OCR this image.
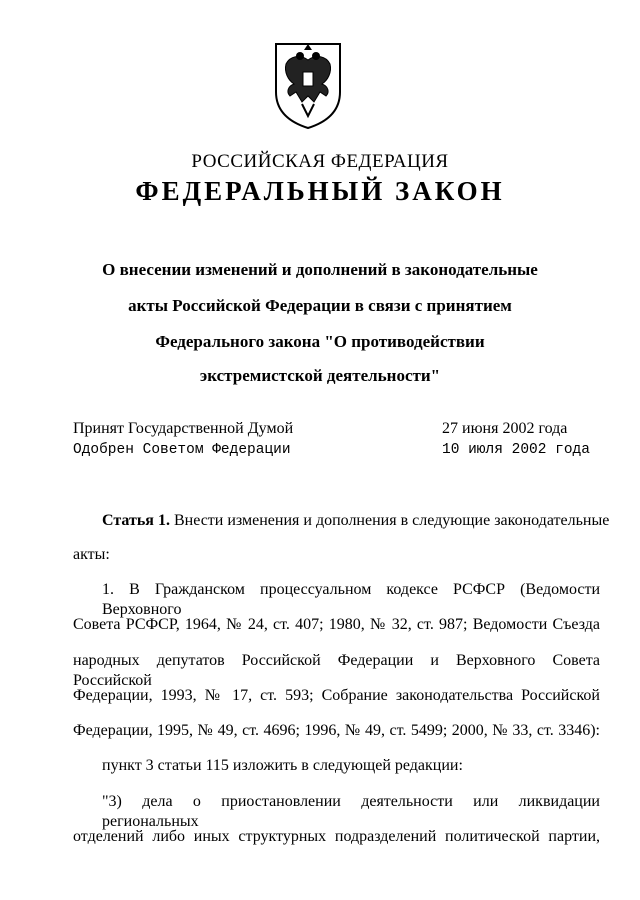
РОССИЙСКАЯ ФЕДЕРАЦИЯ
ФЕДЕРАЛЬНЫЙ ЗАКОН
О внесении изменений и дополнений в законодательные
акты Российской Федерации в связи с принятием
Федерального закона "О противодействии
экстремистской деятельности"
Принят Государственной Думой	27 июня 2002 года
Одобрен Советом Федерации	10 июля 2002 года
Статья 1. Внести изменения и дополнения в следующие законодательные
акты:
1. В Гражданском процессуальном кодексе РСФСР (Ведомости Верховного
Совета РСФСР, 1964, № 24, ст. 407; 1980, № 32, ст. 987; Ведомости Съезда
народных депутатов Российской Федерации и Верховного Совета Российской
Федерации, 1993, № 17, ст. 593; Собрание законодательства Российской
Федерации, 1995, № 49, ст. 4696; 1996, № 49, ст. 5499; 2000, № 33, ст. 3346):
пункт 3 статьи 115 изложить в следующей редакции:
"3) дела о приостановлении деятельности или ликвидации региональных
отделений либо иных структурных подразделений политической партии,
